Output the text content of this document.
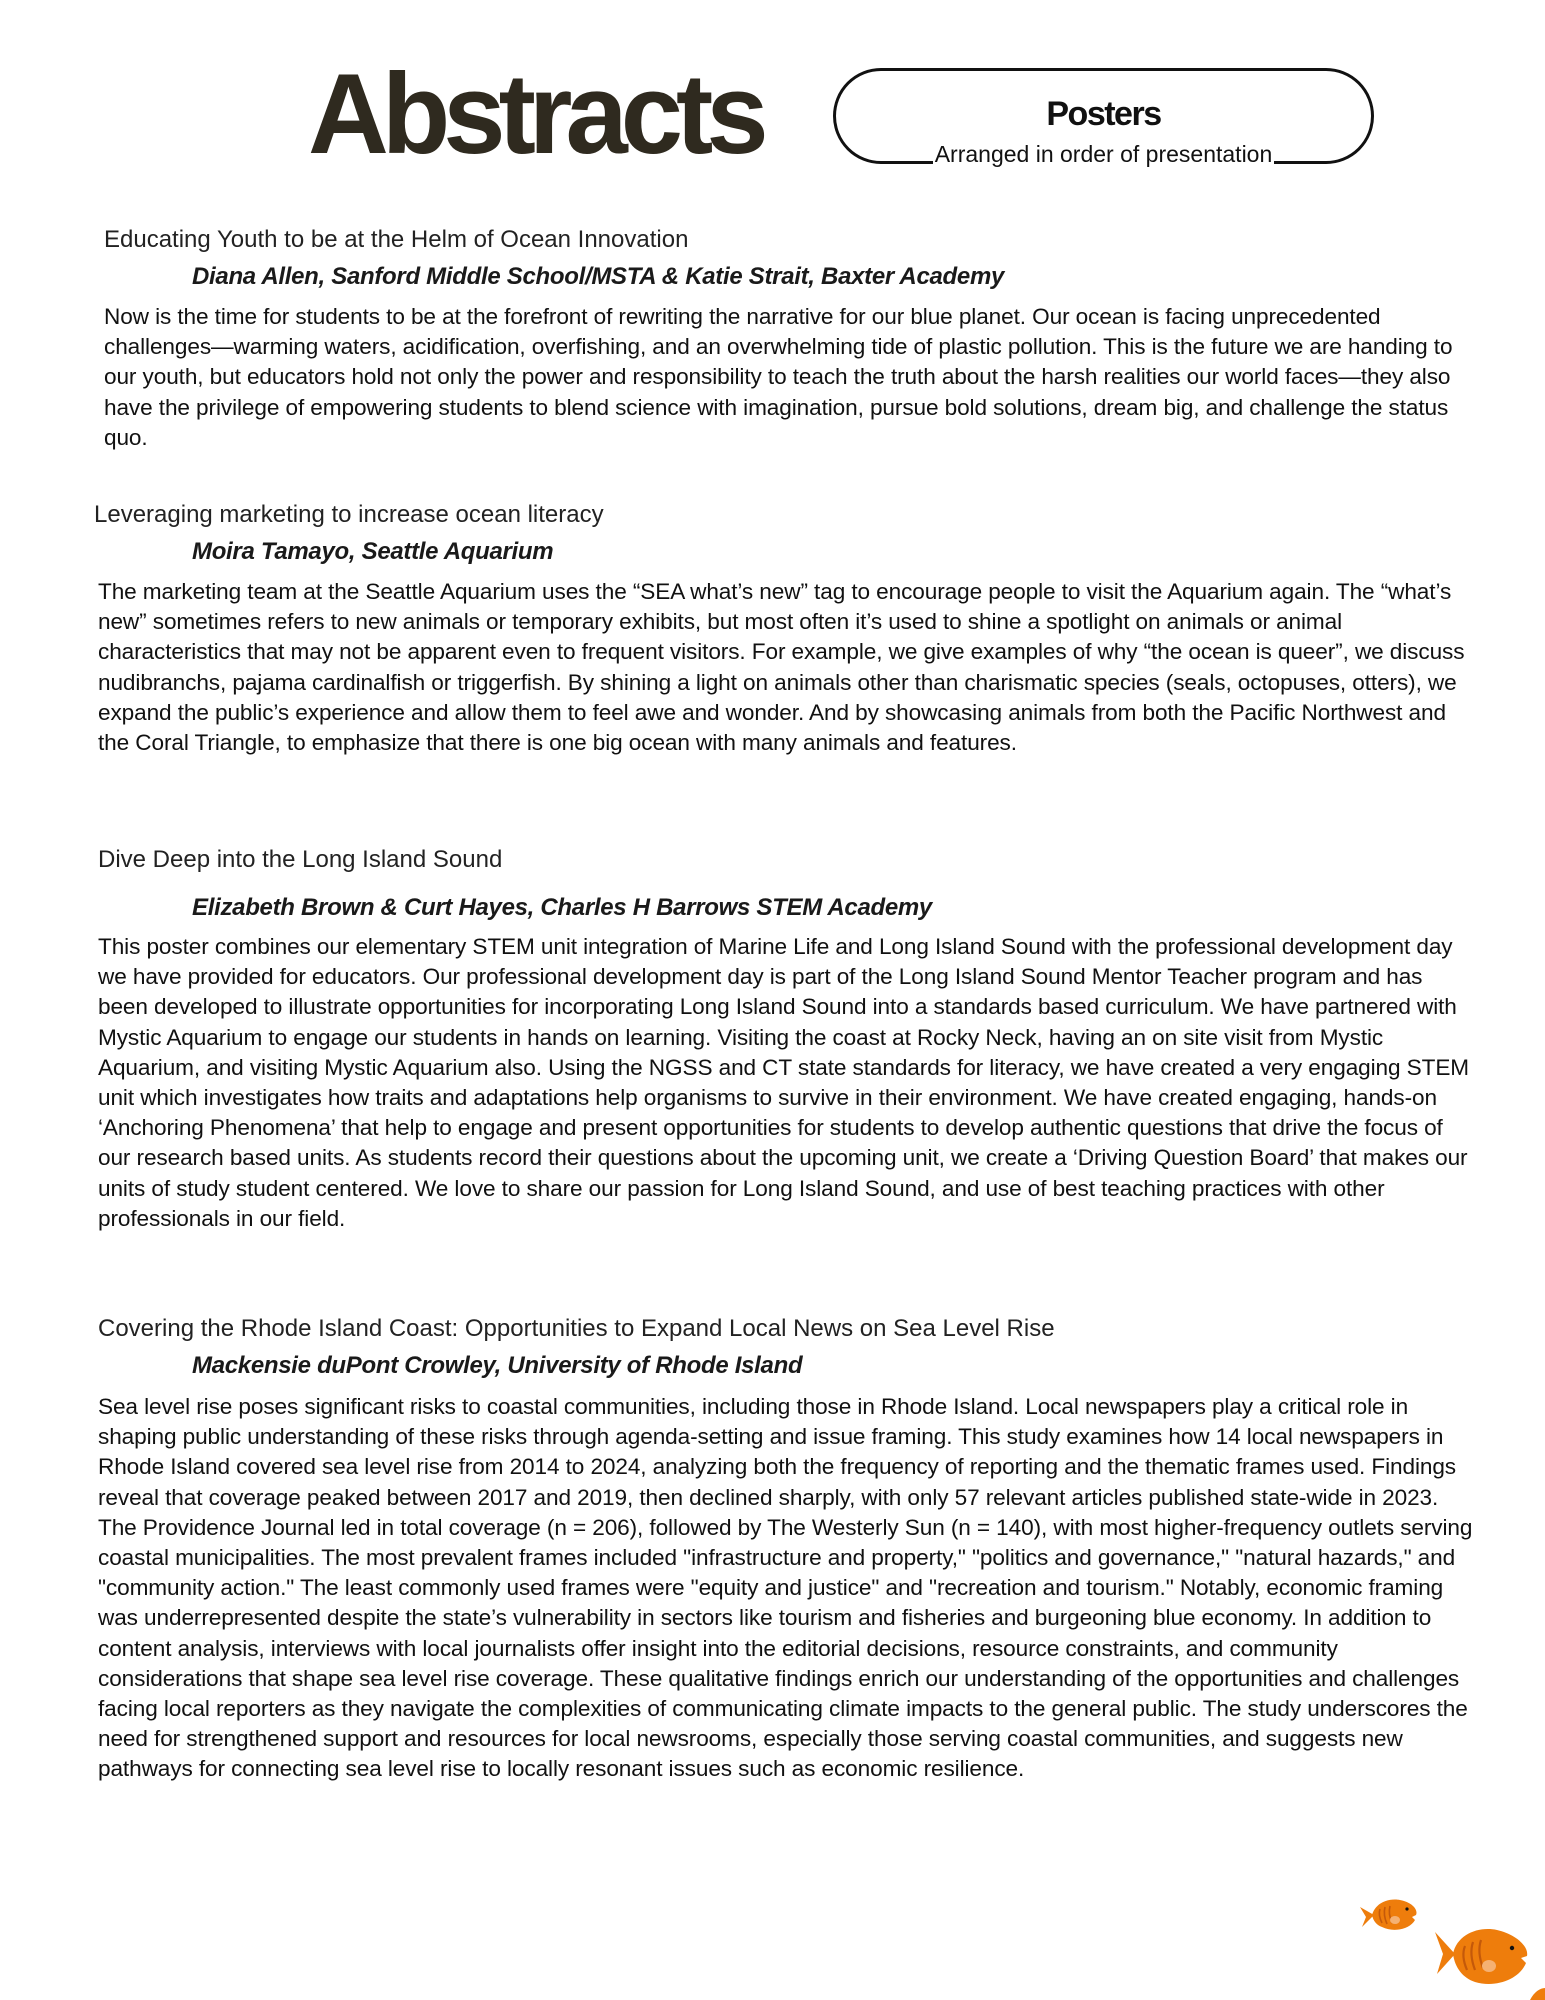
Abstracts	Posters
Arranged in order of presentation
Educating Youth to be at the Helm of Ocean Innovation
Diana Allen, Sanford Middle School/MSTA & Katie Strait, Baxter Academy

Now is the time for students to be at the forefront of rewriting the narrative for our blue planet. Our ocean is facing unprecedented challenges—warming waters, acidification, overfishing, and an overwhelming tide of plastic pollution. This is the future we are handing to our youth, but educators hold not only the power and responsibility to teach the truth about the harsh realities our world faces—they also have the privilege of empowering students to blend science with imagination, pursue bold solutions, dream big, and challenge the status quo.

Leveraging marketing to increase ocean literacy
Moira Tamayo, Seattle Aquarium

The marketing team at the Seattle Aquarium uses the “SEA what’s new” tag to encourage people to visit the Aquarium again. The “what’s new” sometimes refers to new animals or temporary exhibits, but most often it’s used to shine a spotlight on animals or animal characteristics that may not be apparent even to frequent visitors. For example, we give examples of why “the ocean is queer”, we discuss nudibranchs, pajama cardinalfish or triggerfish. By shining a light on animals other than charismatic species (seals, octopuses, otters), we expand the public’s experience and allow them to feel awe and wonder. And by showcasing animals from both the Pacific Northwest and the Coral Triangle, to emphasize that there is one big ocean with many animals and features.

Dive Deep into the Long Island Sound
Elizabeth Brown & Curt Hayes, Charles H Barrows STEM Academy

This poster combines our elementary STEM unit integration of Marine Life and Long Island Sound with the professional development day we have provided for educators. Our professional development day is part of the Long Island Sound Mentor Teacher program and has been developed to illustrate opportunities for incorporating Long Island Sound into a standards based curriculum. We have partnered with Mystic Aquarium to engage our students in hands on learning. Visiting the coast at Rocky Neck, having an on site visit from Mystic Aquarium, and visiting Mystic Aquarium also. Using the NGSS and CT state standards for literacy, we have created a very engaging STEM unit which investigates how traits and adaptations help organisms to survive in their environment. We have created engaging, hands-on ‘Anchoring Phenomena’ that help to engage and present opportunities for students to develop authentic questions that drive the focus of our research based units. As students record their questions about the upcoming unit, we create a ‘Driving Question Board’ that makes our units of study student centered. We love to share our passion for Long Island Sound, and use of best teaching practices with other professionals in our field.

Covering the Rhode Island Coast: Opportunities to Expand Local News on Sea Level Rise
Mackensie duPont Crowley, University of Rhode Island

Sea level rise poses significant risks to coastal communities, including those in Rhode Island. Local newspapers play a critical role in shaping public understanding of these risks through agenda-setting and issue framing. This study examines how 14 local newspapers in Rhode Island covered sea level rise from 2014 to 2024, analyzing both the frequency of reporting and the thematic frames used. Findings reveal that coverage peaked between 2017 and 2019, then declined sharply, with only 57 relevant articles published state-wide in 2023. The Providence Journal led in total coverage (n = 206), followed by The Westerly Sun (n = 140), with most higher-frequency outlets serving coastal municipalities. The most prevalent frames included "infrastructure and property," "politics and governance," "natural hazards," and "community action." The least commonly used frames were "equity and justice" and "recreation and tourism." Notably, economic framing was underrepresented despite the state’s vulnerability in sectors like tourism and fisheries and burgeoning blue economy. In addition to content analysis, interviews with local journalists offer insight into the editorial decisions, resource constraints, and community considerations that shape sea level rise coverage. These qualitative findings enrich our understanding of the opportunities and challenges facing local reporters as they navigate the complexities of communicating climate impacts to the general public. The study underscores the need for strengthened support and resources for local newsrooms, especially those serving coastal communities, and suggests new pathways for connecting sea level rise to locally resonant issues such as economic resilience.
